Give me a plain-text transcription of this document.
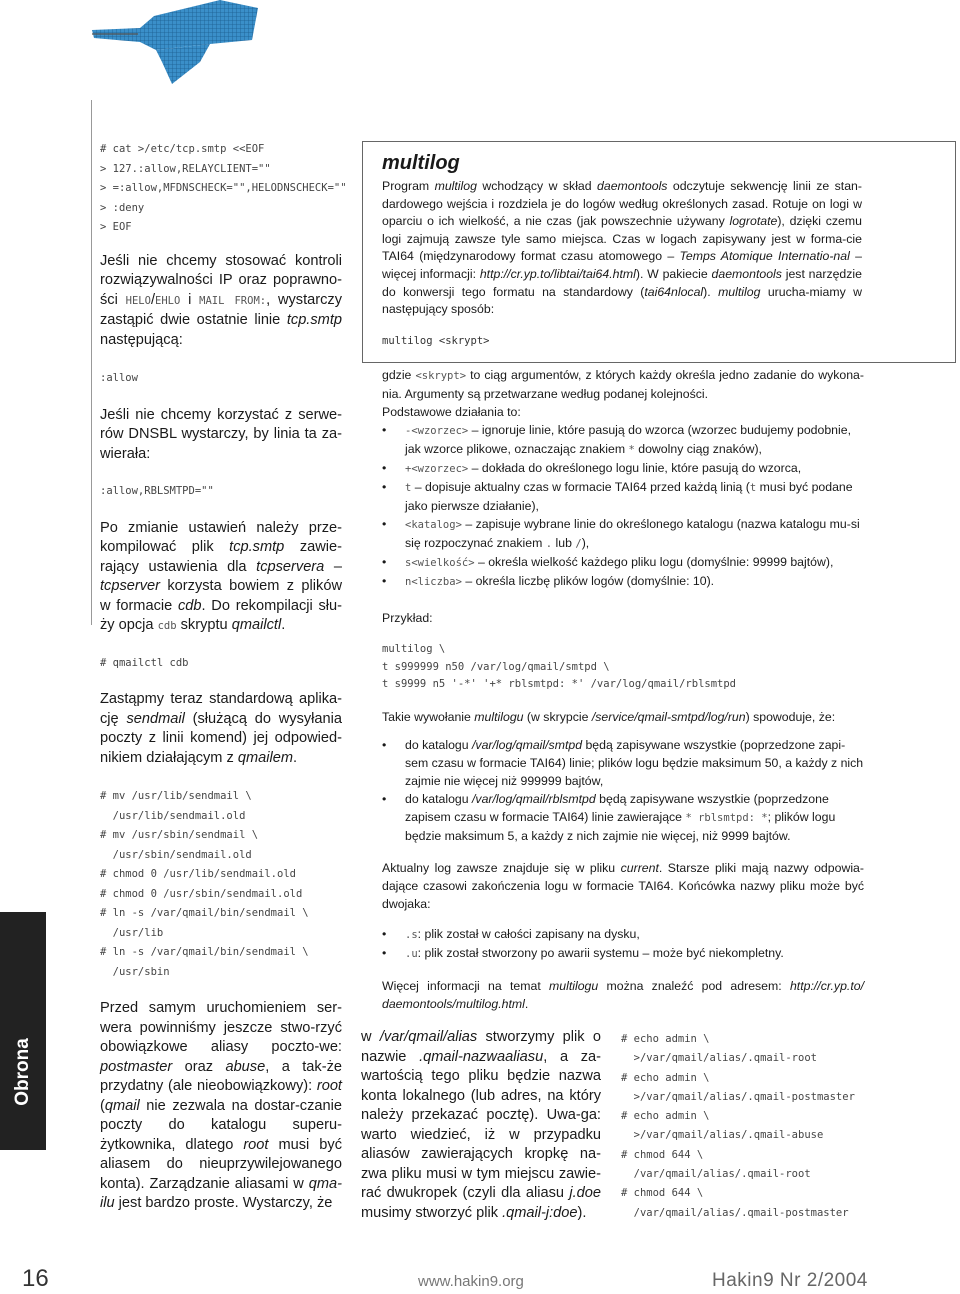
# cat >/etc/tcp.smtp <<EOF
> 127.:allow,RELAYCLIENT=""
> =:allow,MFDNSCHECK="",HELODNSCHECK=""
> :deny
> EOF

Jeśli nie chcemy stosować kontroli rozwiązywalności IP oraz poprawno-ści HELO/EHLO i MAIL FROM:, wystarczy zastąpić dwie ostatnie linie tcp.smtp następującą:

:allow

Jeśli nie chcemy korzystać z serwe-rów DNSBL wystarczy, by linia ta za-wierała:

:allow,RBLSMTPD=""

Po zmianie ustawień należy prze-kompilować plik tcp.smtp zawie-rający ustawienia dla tcpservera – tcpserver korzysta bowiem z plików w formacie cdb. Do rekompilacji słu-ży opcja cdb skryptu qmailctl.

# qmailctl cdb

Zastąpmy teraz standardową aplika-cję sendmail (służącą do wysyłania poczty z linii komend) jej odpowied-nikiem działającym z qmailem.

# mv /usr/lib/sendmail \
/usr/lib/sendmail.old
# mv /usr/sbin/sendmail \
/usr/sbin/sendmail.old
# chmod 0 /usr/lib/sendmail.old
# chmod 0 /usr/sbin/sendmail.old
# ln -s /var/qmail/bin/sendmail \
/usr/lib
# ln -s /var/qmail/bin/sendmail \
/usr/sbin

Przed samym uruchomieniem ser-wera powinniśmy jeszcze stwo-rzyć obowiązkowe aliasy poczto-we: postmaster oraz abuse, a tak-że przydatny (ale nieobowiązkowy): root (qmail nie zezwala na dostar-czanie poczty do katalogu superu-żytkownika, dlatego root musi być aliasem do nieuprzywilejowanego konta). Zarządzanie aliasami w qma-ilu jest bardzo proste. Wystarczy, że

multilog
Program multilog wchodzący w skład daemontools odczytuje sekwencję linii ze stan-dardowego wejścia i rozdziela je do logów według określonych zasad. Rotuje on logi w oparciu o ich wielkość, a nie czas (jak powszechnie używany logrotate), dzięki czemu logi zajmują zawsze tyle samo miejsca. Czas w logach zapisywany jest w forma-cie TAI64 (międzynarodowy format czasu atomowego – Temps Atomique Internatio-nal – więcej informacji: http://cr.yp.to/libtai/tai64.html). W pakiecie daemontools jest narzędzie do konwersji tego formatu na standardowy (tai64nlocal). multilog urucha-miamy w następujący sposób:
multilog <skrypt>

gdzie <skrypt> to ciąg argumentów, z których każdy określa jedno zadanie do wykona-nia. Argumenty są przetwarzane według podanej kolejności.

Podstawowe działania to:

• -<wzorzec> – ignoruje linie, które pasują do wzorca (wzorzec budujemy podobnie, jak wzorce plikowe, oznaczając znakiem * dowolny ciąg znaków),
• +<wzorzec> – dokłada do określonego logu linie, które pasują do wzorca,
• t – dopisuje aktualny czas w formacie TAI64 przed każdą linią (t musi być podane jako pierwsze działanie),
• <katalog> – zapisuje wybrane linie do określonego katalogu (nazwa katalogu mu-si się rozpoczynać znakiem . lub /),
• s<wielkość> – określa wielkość każdego pliku logu (domyślnie: 99999 bajtów),
• n<liczba> – określa liczbę plików logów (domyślnie: 10).

Przykład:

multilog \
t s999999 n50 /var/log/qmail/smtpd \
t s9999 n5 '-*' '+* rblsmtpd: *' /var/log/qmail/rblsmtpd

Takie wywołanie multilogu (w skrypcie /service/qmail-smtpd/log/run) spowoduje, że:

• do katalogu /var/log/qmail/smtpd będą zapisywane wszystkie (poprzedzone zapi-sem czasu w formacie TAI64) linie; plików logu będzie maksimum 50, a każdy z nich zajmie nie więcej niż 999999 bajtów,
• do katalogu /var/log/qmail/rblsmtpd będą zapisywane wszystkie (poprzedzone zapisem czasu w formacie TAI64) linie zawierające * rblsmtpd: *; plików logu będzie maksimum 5, a każdy z nich zajmie nie więcej, niż 9999 bajtów.

Aktualny log zawsze znajduje się w pliku current. Starsze pliki mają nazwy odpowia-dające czasowi zakończenia logu w formacie TAI64. Końcówka nazwy pliku może być dwojaka:

• .s: plik został w całości zapisany na dysku,
• .u: plik został stworzony po awarii systemu – może być niekompletny.

Więcej informacji na temat multilogu można znaleźć pod adresem: http://cr.yp.to/ daemontools/multilog.html.

Obrona
w /var/qmail/alias stworzymy plik o nazwie .qmail-nazwaaliasu, a za-wartością tego pliku będzie nazwa konta lokalnego (lub adres, na który należy przekazać pocztę). Uwa-ga: warto wiedzieć, iż w przypadku aliasów zawierających kropkę na-zwa pliku musi w tym miejscu zawie-rać dwukropek (czyli dla aliasu j.doe musimy stworzyć plik .qmail-j:doe).
# echo admin \
>/var/qmail/alias/.qmail-root
# echo admin \
>/var/qmail/alias/.qmail-postmaster
# echo admin \
>/var/qmail/alias/.qmail-abuse
# chmod 644 \
/var/qmail/alias/.qmail-root
# chmod 644 \
/var/qmail/alias/.qmail-postmaster
16	www.hakin9.org	Hakin9 Nr 2/2004
